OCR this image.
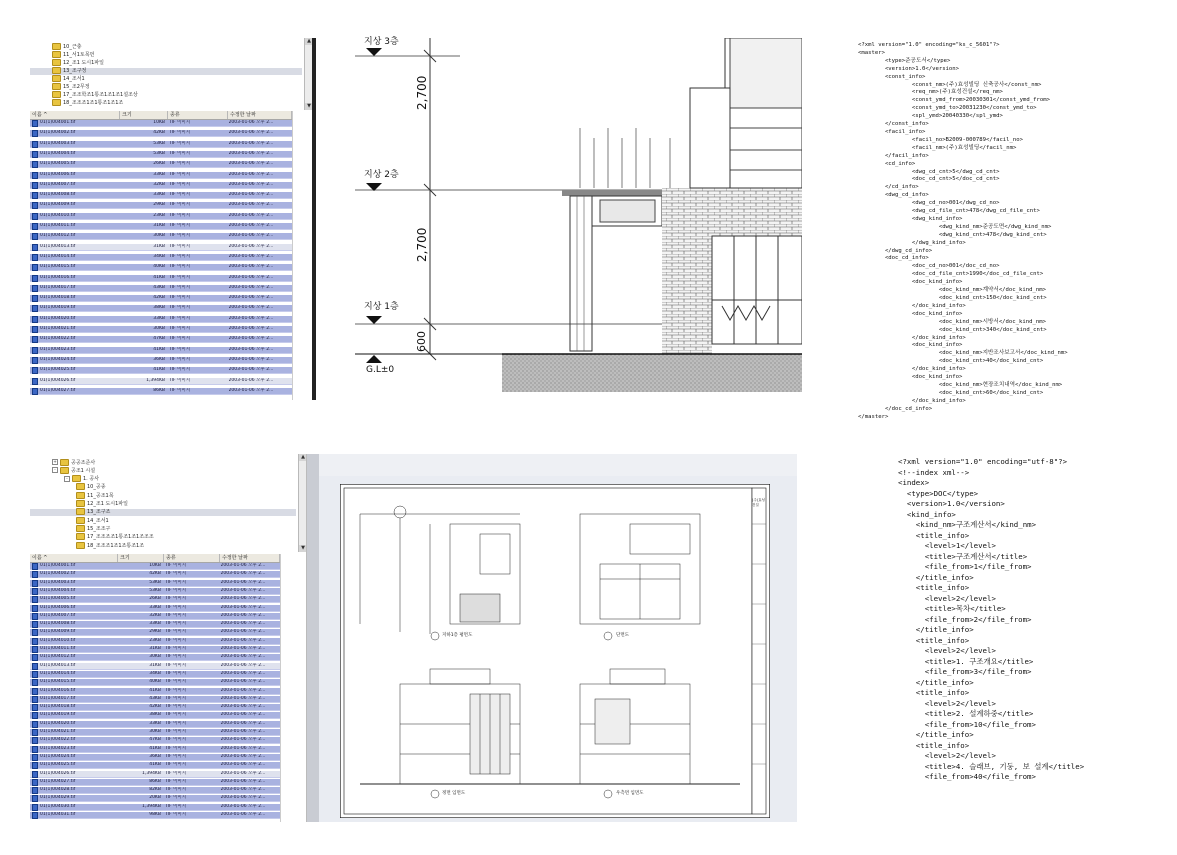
10_근충
11_서1토목먼
12_조1 도시1파일
13_조구정
14_조서1
15_조2무정
17_조조학조1통조1조1조1설조상
18_조조조1조1통조1조1조
▲
▼
이름 ^	크기	종류	수정한 날짜
01(1)004001.tif	10KB TIF 이미지	2003-01-06 오후 2...
01(1)004002.tif	42KB TIF 이미지	2003-01-06 오후 2...
01(1)004003.tif	53KB TIF 이미지	2003-01-06 오후 2...
01(1)004004.tif	53KB TIF 이미지	2003-01-06 오후 2...
01(1)004005.tif	26KB TIF 이미지	2003-01-06 오후 2...
01(1)004006.tif	33KB TIF 이미지	2003-01-06 오후 2...
01(1)004007.tif	32KB TIF 이미지	2003-01-06 오후 2...
01(1)004008.tif	33KB TIF 이미지	2003-01-06 오후 2...
01(1)004009.tif	29KB TIF 이미지	2003-01-06 오후 2...
01(1)004010.tif	23KB TIF 이미지	2003-01-06 오후 2...
01(1)004011.tif	31KB TIF 이미지	2003-01-06 오후 2...
01(1)004012.tif	30KB TIF 이미지	2003-01-06 오후 2...
01(1)004013.tif	31KB TIF 이미지	2003-01-06 오후 2...
01(1)004014.tif	34KB TIF 이미지	2003-01-06 오후 2...
01(1)004015.tif	40KB TIF 이미지	2003-01-06 오후 2...
01(1)004016.tif	41KB TIF 이미지	2003-01-06 오후 2...
01(1)004017.tif	43KB TIF 이미지	2003-01-06 오후 2...
01(1)004018.tif	42KB TIF 이미지	2003-01-06 오후 2...
01(1)004019.tif	38KB TIF 이미지	2003-01-06 오후 2...
01(1)004020.tif	33KB TIF 이미지	2003-01-06 오후 2...
01(1)004021.tif	30KB TIF 이미지	2003-01-06 오후 2...
01(1)004022.tif	47KB TIF 이미지	2003-01-06 오후 2...
01(1)004023.tif	41KB TIF 이미지	2003-01-06 오후 2...
01(1)004024.tif	36KB TIF 이미지	2003-01-06 오후 2...
01(1)004025.tif	41KB TIF 이미지	2003-01-06 오후 2...
01(1)004026.tif	1,394KB TIF 이미지	2003-01-06 오후 2...
01(1)004027.tif	86KB TIF 이미지	2003-01-06 오후 2...
지상 3층
지상 2층
지상 1층
G.L±0
2,700
2,700
600
<?xml version="1.0" encoding="ks_c_5601"?>
<master>
<type>준공도서</type>
<version>1.0</version>
<const_info>
<const_nm>(주)효성빌딩 신축공사</const_nm>
<req_nm>(주)효성건설</req_nm>
<const_ymd_from>20030301</const_ymd_from>
<const_ymd_to>20031230</const_ymd_to>
<spl_ymd>20040330</spl_ymd>
</const_info>
<facil_info>
<facil_no>B2009-000789</facil_no>
<facil_nm>(주)효성빌딩</facil_nm>
</facil_info>
<cd_info>
<dwg_cd_cnt>5</dwg_cd_cnt>
<doc_cd_cnt>5</doc_cd_cnt>
</cd_info>
<dwg_cd_info>
<dwg_cd_no>001</dwg_cd_no>
<dwg_cd_file_cnt>478</dwg_cd_file_cnt>
<dwg_kind_info>
<dwg_kind_nm>준공도면</dwg_kind_nm>
<dwg_kind_cnt>478</dwg_kind_cnt>
</dwg_kind_info>
</dwg_cd_info>
<doc_cd_info>
<doc_cd_no>001</doc_cd_no>
<doc_cd_file_cnt>1990</doc_cd_file_cnt>
<doc_kind_info>
<doc_kind_nm>계약서</doc_kind_nm>
<doc_kind_cnt>150</doc_kind_cnt>
</doc_kind_info>
<doc_kind_info>
<doc_kind_nm>시방서</doc_kind_nm>
<doc_kind_cnt>340</doc_kind_cnt>
</doc_kind_info>
<doc_kind_info>
<doc_kind_nm>지반조사보고서</doc_kind_nm>
<doc_kind_cnt>40</doc_kind_cnt>
</doc_kind_info>
<doc_kind_info>
<doc_kind_nm>현장조치내역</doc_kind_nm>
<doc_kind_cnt>60</doc_kind_cnt>
</doc_kind_info>
</doc_cd_info>
</master>
+	공공조준사
-	공조1 시설
-	1. 공사
10_공종
11_공조1목
12_조1 도시1파일
13_조구조
14_조서1
15_조조구
17_조조조조1통조1조1조조조
18_조조조1조1조통조1조
▲
▼
이름 ^	크기	종류	수정한 날짜
01(1)004001.tif	10KB TIF 이미지	2003-01-06 오후 2...
01(1)004002.tif	42KB TIF 이미지	2003-01-06 오후 2...
01(1)004003.tif	53KB TIF 이미지	2003-01-06 오후 2...
01(1)004004.tif	53KB TIF 이미지	2003-01-06 오후 2...
01(1)004005.tif	26KB TIF 이미지	2003-01-06 오후 2...
01(1)004006.tif	33KB TIF 이미지	2003-01-06 오후 2...
01(1)004007.tif	32KB TIF 이미지	2003-01-06 오후 2...
01(1)004008.tif	33KB TIF 이미지	2003-01-06 오후 2...
01(1)004009.tif	29KB TIF 이미지	2003-01-06 오후 2...
01(1)004010.tif	23KB TIF 이미지	2003-01-06 오후 2...
01(1)004011.tif	31KB TIF 이미지	2003-01-06 오후 2...
01(1)004012.tif	30KB TIF 이미지	2003-01-06 오후 2...
01(1)004013.tif	31KB TIF 이미지	2003-01-06 오후 2...
01(1)004014.tif	34KB TIF 이미지	2003-01-06 오후 2...
01(1)004015.tif	40KB TIF 이미지	2003-01-06 오후 2...
01(1)004016.tif	41KB TIF 이미지	2003-01-06 오후 2...
01(1)004017.tif	43KB TIF 이미지	2003-01-06 오후 2...
01(1)004018.tif	42KB TIF 이미지	2003-01-06 오후 2...
01(1)004019.tif	38KB TIF 이미지	2003-01-06 오후 2...
01(1)004020.tif	33KB TIF 이미지	2003-01-06 오후 2...
01(1)004021.tif	30KB TIF 이미지	2003-01-06 오후 2...
01(1)004022.tif	47KB TIF 이미지	2003-01-06 오후 2...
01(1)004023.tif	41KB TIF 이미지	2003-01-06 오후 2...
01(1)004024.tif	36KB TIF 이미지	2003-01-06 오후 2...
01(1)004025.tif	41KB TIF 이미지	2003-01-06 오후 2...
01(1)004026.tif	1,394KB TIF 이미지	2003-01-06 오후 2...
01(1)004027.tif	86KB TIF 이미지	2003-01-06 오후 2...
01(1)004028.tif	82KB TIF 이미지	2003-01-06 오후 2...
01(1)004029.tif	20KB TIF 이미지	2003-01-06 오후 2...
01(1)004030.tif	1,394KB TIF 이미지	2003-01-06 오후 2...
01(1)004031.tif	98KB TIF 이미지	2003-01-06 오후 2...
지하1층 평면도	단면도
정면 입면도	우측면 입면도
(주)효성건설
<?xml version="1.0" encoding="utf-8"?>
<!--index xml-->
<index>
<type>DOC</type>
<version>1.0</version>
<kind_info>
<kind_nm>구조계산서</kind_nm>
<title_info>
<level>1</level>
<title>구조계산서</title>
<file_from>1</file_from>
</title_info>
<title_info>
<level>2</level>
<title>목차</title>
<file_from>2</file_from>
</title_info>
<title_info>
<level>2</level>
<title>1. 구조개요</title>
<file_from>3</file_from>
</title_info>
<title_info>
<level>2</level>
<title>2. 설계하중</title>
<file_from>10</file_from>
</title_info>
<title_info>
<level>2</level>
<title>4. 슬래브, 기둥, 보 설계</title>
<file_from>40</file_from>
